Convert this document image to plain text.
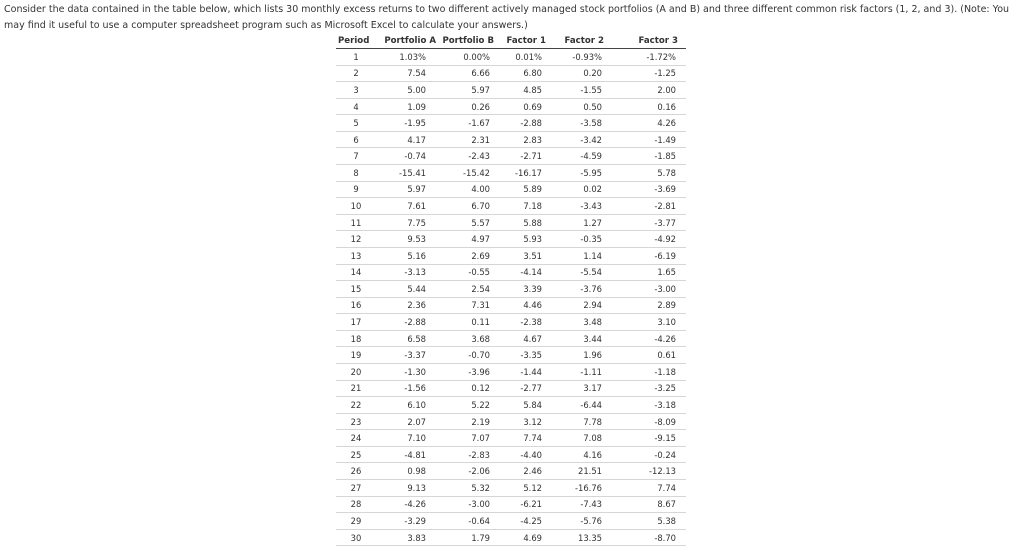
Consider the data contained in the table below, which lists 30 monthly excess returns to two different actively managed stock portfolios (A and B) and three different common risk factors (1, 2, and 3). (Note: You may find it useful to use a computer spreadsheet program such as Microsoft Excel to calculate your answers.)

Period	Portfolio A	Portfolio B	Factor 1	Factor 2	Factor 3
1	1.03%	0.00%	0.01%	-0.93%	-1.72%
2	7.54	6.66	6.80	0.20	-1.25
3	5.00	5.97	4.85	-1.55	2.00
4	1.09	0.26	0.69	0.50	0.16
5	-1.95	-1.67	-2.88	-3.58	4.26
6	4.17	2.31	2.83	-3.42	-1.49
7	-0.74	-2.43	-2.71	-4.59	-1.85
8	-15.41	-15.42	-16.17	-5.95	5.78
9	5.97	4.00	5.89	0.02	-3.69
10	7.61	6.70	7.18	-3.43	-2.81
11	7.75	5.57	5.88	1.27	-3.77
12	9.53	4.97	5.93	-0.35	-4.92
13	5.16	2.69	3.51	1.14	-6.19
14	-3.13	-0.55	-4.14	-5.54	1.65
15	5.44	2.54	3.39	-3.76	-3.00
16	2.36	7.31	4.46	2.94	2.89
17	-2.88	0.11	-2.38	3.48	3.10
18	6.58	3.68	4.67	3.44	-4.26
19	-3.37	-0.70	-3.35	1.96	0.61
20	-1.30	-3.96	-1.44	-1.11	-1.18
21	-1.56	0.12	-2.77	3.17	-3.25
22	6.10	5.22	5.84	-6.44	-3.18
23	2.07	2.19	3.12	7.78	-8.09
24	7.10	7.07	7.74	7.08	-9.15
25	-4.81	-2.83	-4.40	4.16	-0.24
26	0.98	-2.06	2.46	21.51	-12.13
27	9.13	5.32	5.12	-16.76	7.74
28	-4.26	-3.00	-6.21	-7.43	8.67
29	-3.29	-0.64	-4.25	-5.76	5.38
30	3.83	1.79	4.69	13.35	-8.70
